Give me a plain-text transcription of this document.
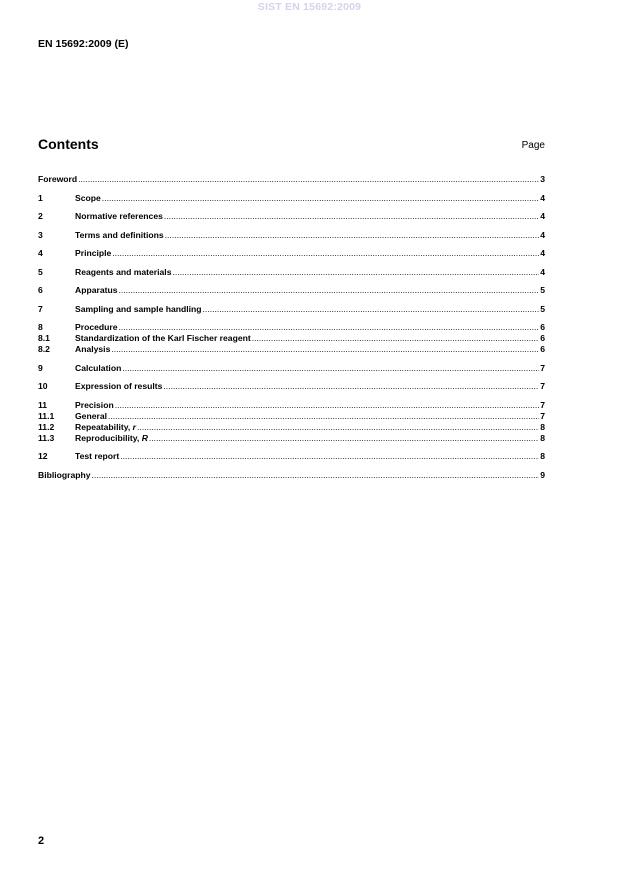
SIST EN 15692:2009
EN 15692:2009 (E)
Contents	Page
Foreword .....	3
1	Scope .....	4
2	Normative references .....	4
3	Terms and definitions .....	4
4	Principle .....	4
5	Reagents and materials .....	4
6	Apparatus .....	5
7	Sampling and sample handling .....	5
8	Procedure .....	6
8.1	Standardization of the Karl Fischer reagent .....	6
8.2	Analysis .....	6
9	Calculation .....	7
10	Expression of results .....	7
11	Precision .....	7
11.1	General .....	7
11.2	Repeatability, r .....	8
11.3	Reproducibility, R .....	8
12	Test report .....	8
Bibliography .....	9
2
